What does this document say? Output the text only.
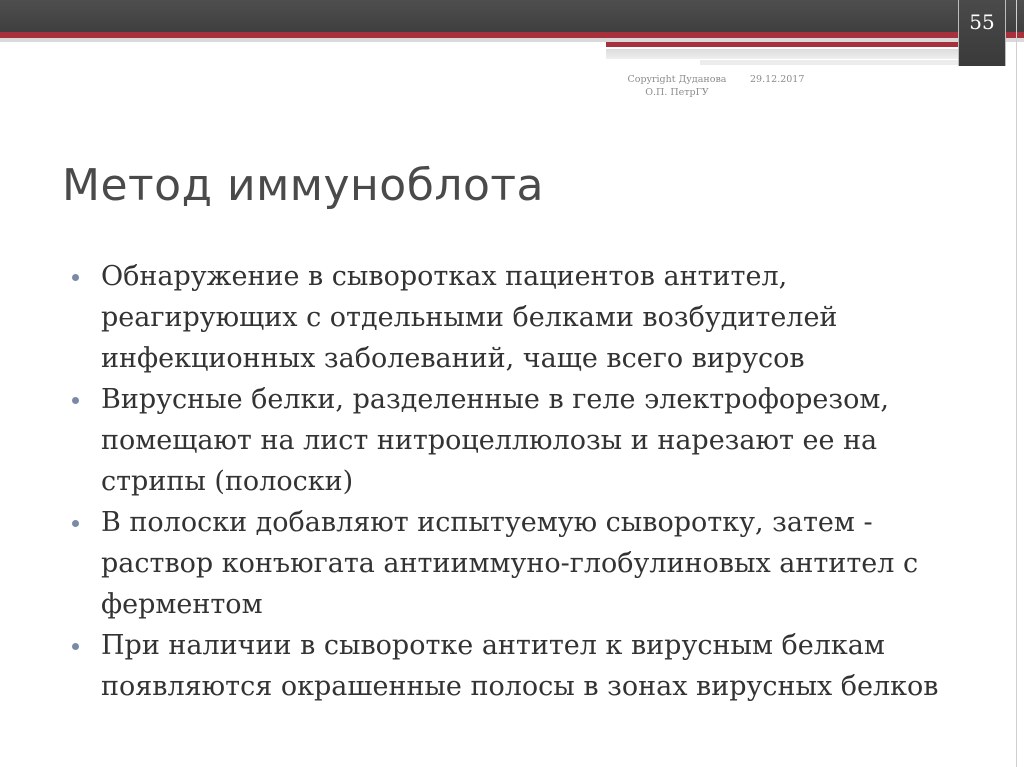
55
Copyright Дуданова О.П. ПетрГУ
29.12.2017
Метод иммуноблота
Обнаружение в сыворотках пациентов антител, реагирующих с отдельными белками возбудителей инфекционных заболеваний, чаще всего вирусов
Вирусные белки, разделенные в геле электрофорезом, помещают на лист нитроцеллюлозы и нарезают ее на стрипы (полоски)
В полоски добавляют испытуемую сыворотку, затем - раствор конъюгата антииммуно-глобулиновых антител с ферментом
При наличии в сыворотке антител к вирусным белкам появляются окрашенные полосы в зонах вирусных белков
